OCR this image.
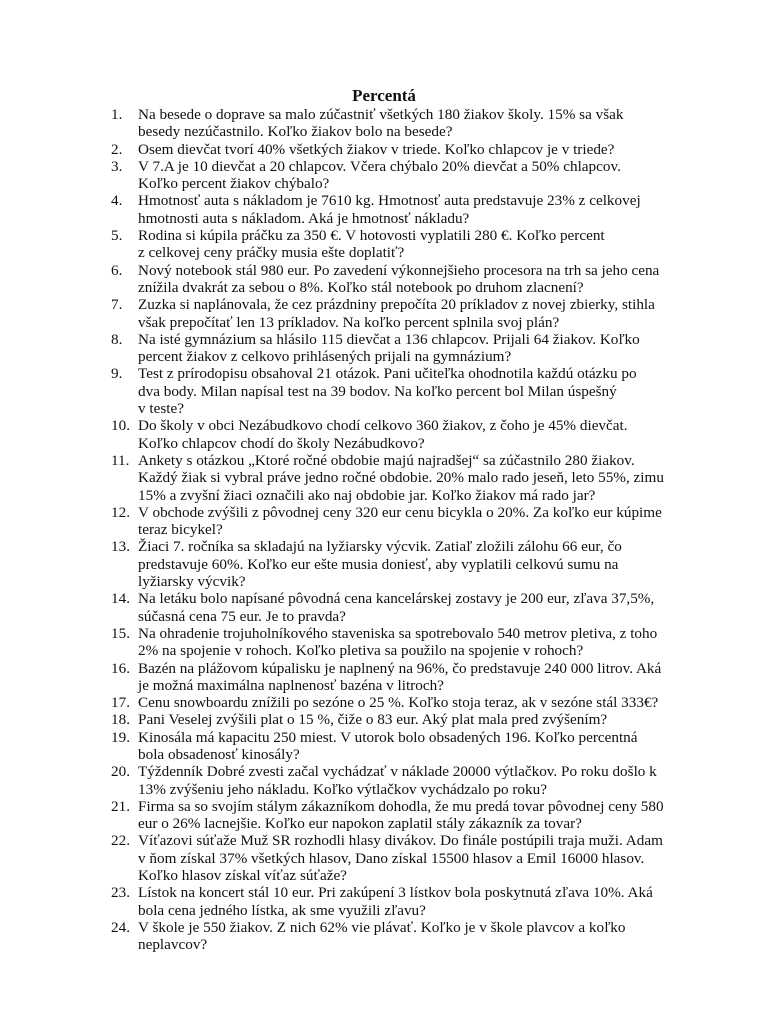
Percentá
1.	Na besede o doprave sa malo zúčastniť všetkých 180 žiakov školy. 15% sa však
besedy nezúčastnilo. Koľko žiakov bolo na besede?
2.	Osem dievčat tvorí 40% všetkých žiakov v triede. Koľko chlapcov je v triede?
3.	V 7.A je 10 dievčat a 20 chlapcov. Včera chýbalo 20% dievčat a 50% chlapcov.
Koľko percent žiakov chýbalo?
4.	Hmotnosť auta s nákladom je 7610 kg. Hmotnosť auta predstavuje 23% z celkovej
hmotnosti auta s nákladom. Aká je hmotnosť nákladu?
5.	Rodina si kúpila práčku za 350 €. V hotovosti vyplatili 280 €. Koľko percent
z celkovej ceny práčky musia ešte doplatiť?
6.	Nový notebook stál 980 eur. Po zavedení výkonnejšieho procesora na trh sa jeho cena
znížila dvakrát za sebou o 8%. Koľko stál notebook po druhom zlacnení?
7.	Zuzka si naplánovala, že cez prázdniny prepočíta 20 príkladov z novej zbierky, stihla
však prepočítať len 13 príkladov. Na koľko percent splnila svoj plán?
8.	Na isté gymnázium sa hlásilo 115 dievčat a 136 chlapcov. Prijali 64 žiakov. Koľko
percent žiakov z celkovo prihlásených prijali na gymnázium?
9.	Test z prírodopisu obsahoval 21 otázok. Pani učiteľka ohodnotila každú otázku po
dva body. Milan napísal test na 39 bodov. Na koľko percent bol Milan úspešný
v teste?
10. Do školy v obci Nezábudkovo chodí celkovo 360 žiakov, z čoho je 45% dievčat.
Koľko chlapcov chodí do školy Nezábudkovo?
11. Ankety s otázkou „Ktoré ročné obdobie majú najradšej“ sa zúčastnilo 280 žiakov.
Každý žiak si vybral práve jedno ročné obdobie. 20% malo rado jeseň, leto 55%, zimu
15% a zvyšní žiaci označili ako naj obdobie jar. Koľko žiakov má rado jar?
12. V obchode zvýšili z pôvodnej ceny 320 eur cenu bicykla o 20%. Za koľko eur kúpime
teraz bicykel?
13. Žiaci 7. ročníka sa skladajú na lyžiarsky výcvik. Zatiaľ zložili zálohu 66 eur, čo
predstavuje 60%. Koľko eur ešte musia doniesť, aby vyplatili celkovú sumu na
lyžiarsky výcvik?
14. Na letáku bolo napísané pôvodná cena kancelárskej zostavy je 200 eur, zľava 37,5%,
súčasná cena 75 eur. Je to pravda?
15. Na ohradenie trojuholníkového staveniska sa spotrebovalo 540 metrov pletiva, z toho
2% na spojenie v rohoch. Koľko pletiva sa použilo na spojenie v rohoch?
16. Bazén na plážovom kúpalisku je naplnený na 96%, čo predstavuje 240 000 litrov. Aká
je možná maximálna naplnenosť bazéna v litroch?
17. Cenu snowboardu znížili po sezóne o 25 %. Koľko stoja teraz, ak v sezóne stál 333€?
18. Pani Veselej zvýšili plat o 15 %, čiže o 83 eur. Aký plat mala pred zvýšením?
19. Kinosála má kapacitu 250 miest. V utorok bolo obsadených 196. Koľko percentná
bola obsadenosť kinosály?
20. Týždenník Dobré zvesti začal vychádzať v náklade 20000 výtlačkov. Po roku došlo k
13% zvýšeniu jeho nákladu. Koľko výtlačkov vychádzalo po roku?
21. Firma sa so svojím stálym zákazníkom dohodla, že mu predá tovar pôvodnej ceny 580
eur o 26% lacnejšie. Koľko eur napokon zaplatil stály zákazník za tovar?
22. Víťazovi súťaže Muž SR rozhodli hlasy divákov. Do finále postúpili traja muži. Adam
v ňom získal 37% všetkých hlasov, Dano získal 15500 hlasov a Emil 16000 hlasov.
Koľko hlasov získal víťaz súťaže?
23. Lístok na koncert stál 10 eur. Pri zakúpení 3 lístkov bola poskytnutá zľava 10%. Aká
bola cena jedného lístka, ak sme využili zľavu?
24. V škole je 550 žiakov. Z nich 62% vie plávať. Koľko je v škole plavcov a koľko
neplavcov?
